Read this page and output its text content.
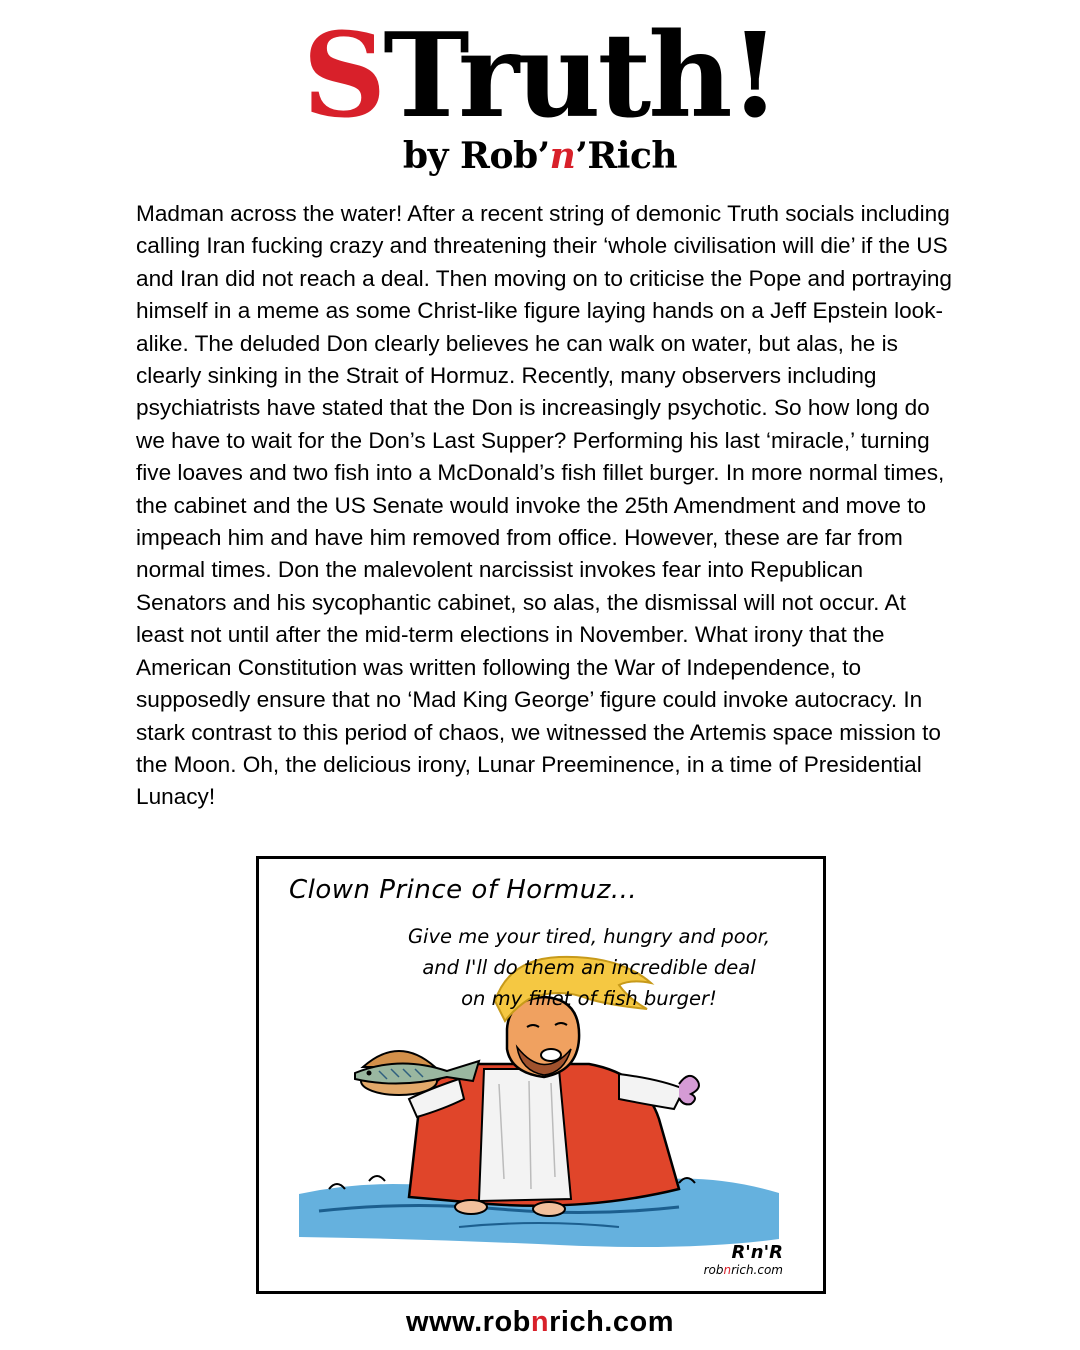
STruth!
by Rob’n’Rich

Madman across the water! After a recent string of demonic Truth socials including calling Iran fucking crazy and threatening their ‘whole civilisation will die’ if the US and Iran did not reach a deal. Then moving on to criticise the Pope and portraying himself in a meme as some Christ-like figure laying hands on a Jeff Epstein look-alike. The deluded Don clearly believes he can walk on water, but alas, he is clearly sinking in the Strait of Hormuz. Recently, many observers including psychiatrists have stated that the Don is increasingly psychotic. So how long do we have to wait for the Don’s Last Supper? Performing his last ‘miracle,’ turning five loaves and two fish into a McDonald’s fish fillet burger. In more normal times, the cabinet and the US Senate would invoke the 25th Amendment and move to impeach him and have him removed from office. However, these are far from normal times. Don the malevolent narcissist invokes fear into Republican Senators and his sycophantic cabinet, so alas, the dismissal will not occur. At least not until after the mid-term elections in November. What irony that the American Constitution was written following the War of Independence, to supposedly ensure that no ‘Mad King George’ figure could invoke autocracy. In stark contrast to this period of chaos, we witnessed the Artemis space mission to the Moon. Oh, the delicious irony, Lunar Preeminence, in a time of Presidential Lunacy!

Clown Prince of Hormuz...
Give me your tired, hungry and poor,
and I'll do them an incredible deal
on my fillet of fish burger!
R'n'R
robnrich.com
www.robnrich.com
